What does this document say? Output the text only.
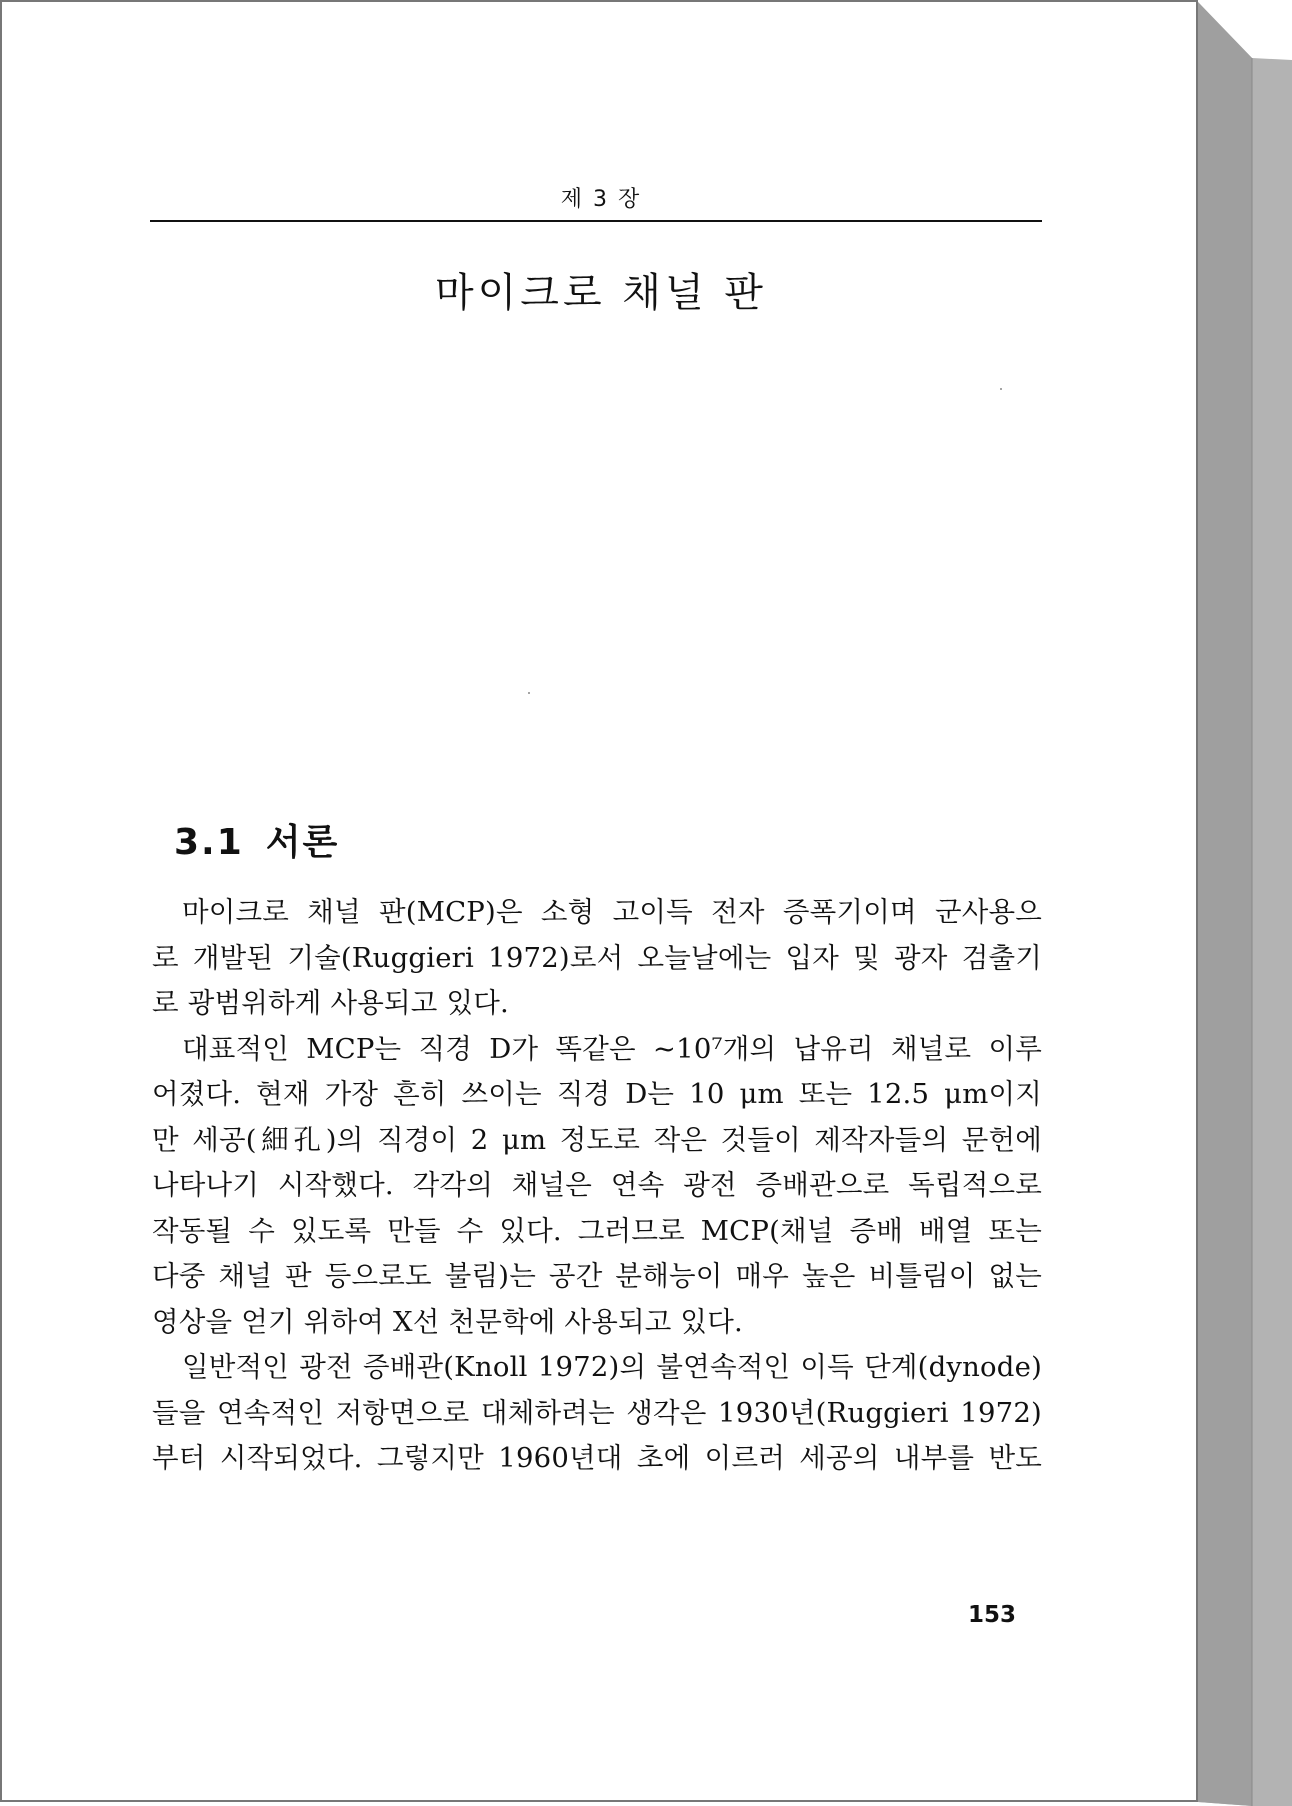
제 3 장
마이크로 채널 판
3.1 서론
마이크로 채널 판(MCP)은 소형 고이득 전자 증폭기이며 군사용으
로 개발된 기술(Ruggieri 1972)로서 오늘날에는 입자 및 광자 검출기
로 광범위하게 사용되고 있다.
대표적인 MCP는 직경 D가 똑같은 ~10⁷개의 납유리 채널로 이루
어졌다. 현재 가장 흔히 쓰이는 직경 D는 10 μm 또는 12.5 μm이지
만 세공(細孔)의 직경이 2 μm 정도로 작은 것들이 제작자들의 문헌에
나타나기 시작했다. 각각의 채널은 연속 광전 증배관으로 독립적으로
작동될 수 있도록 만들 수 있다. 그러므로 MCP(채널 증배 배열 또는
다중 채널 판 등으로도 불림)는 공간 분해능이 매우 높은 비틀림이 없는
영상을 얻기 위하여 X선 천문학에 사용되고 있다.
일반적인 광전 증배관(Knoll 1972)의 불연속적인 이득 단계(dynode)
들을 연속적인 저항면으로 대체하려는 생각은 1930년(Ruggieri 1972)
부터 시작되었다. 그렇지만 1960년대 초에 이르러 세공의 내부를 반도
153
